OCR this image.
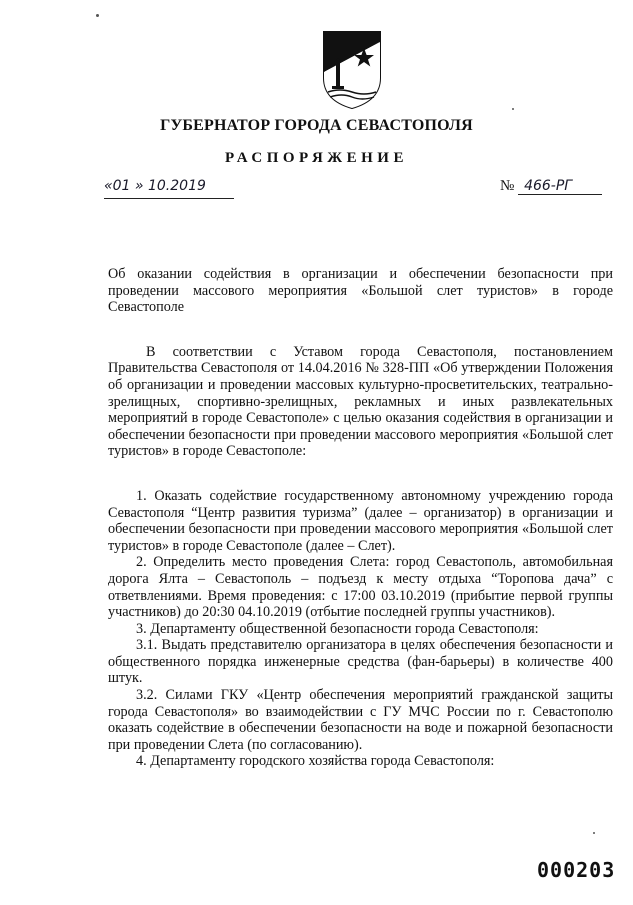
ГУБЕРНАТОР ГОРОДА СЕВАСТОПОЛЯ
РАСПОРЯЖЕНИЕ
«01 » 10.2019	№ 466-РГ

Об оказании содействия в организации и обеспечении безопасности при проведении массового мероприятия «Большой слет туристов» в городе Севастополе

В соответствии с Уставом города Севастополя, постановлением Правительства Севастополя от 14.04.2016 № 328-ПП «Об утверждении Положения об организации и проведении массовых культурно-просветительских, театрально-зрелищных, спортивно-зрелищных, рекламных и иных развлекательных мероприятий в городе Севастополе» с целью оказания содействия в организации и обеспечении безопасности при проведении массового мероприятия «Большой слет туристов» в городе Севастополе:

1. Оказать содействие государственному автономному учреждению города Севастополя “Центр развития туризма” (далее – организатор) в организации и обеспечении безопасности при проведении массового мероприятия «Большой слет туристов» в городе Севастополе (далее – Слет).

2. Определить место проведения Слета: город Севастополь, автомобильная дорога Ялта – Севастополь – подъезд к месту отдыха “Торопова дача” с ответвлениями. Время проведения: с 17:00 03.10.2019 (прибытие первой группы участников) до 20:30 04.10.2019 (отбытие последней группы участников).

3. Департаменту общественной безопасности города Севастополя:

3.1. Выдать представителю организатора в целях обеспечения безопасности и общественного порядка инженерные средства (фан-барьеры) в количестве 400 штук.

3.2. Силами ГКУ «Центр обеспечения мероприятий гражданской защиты города Севастополя» во взаимодействии с ГУ МЧС России по г. Севастополю оказать содействие в обеспечении безопасности на воде и пожарной безопасности при проведении Слета (по согласованию).

4. Департаменту городского хозяйства города Севастополя:

000203
